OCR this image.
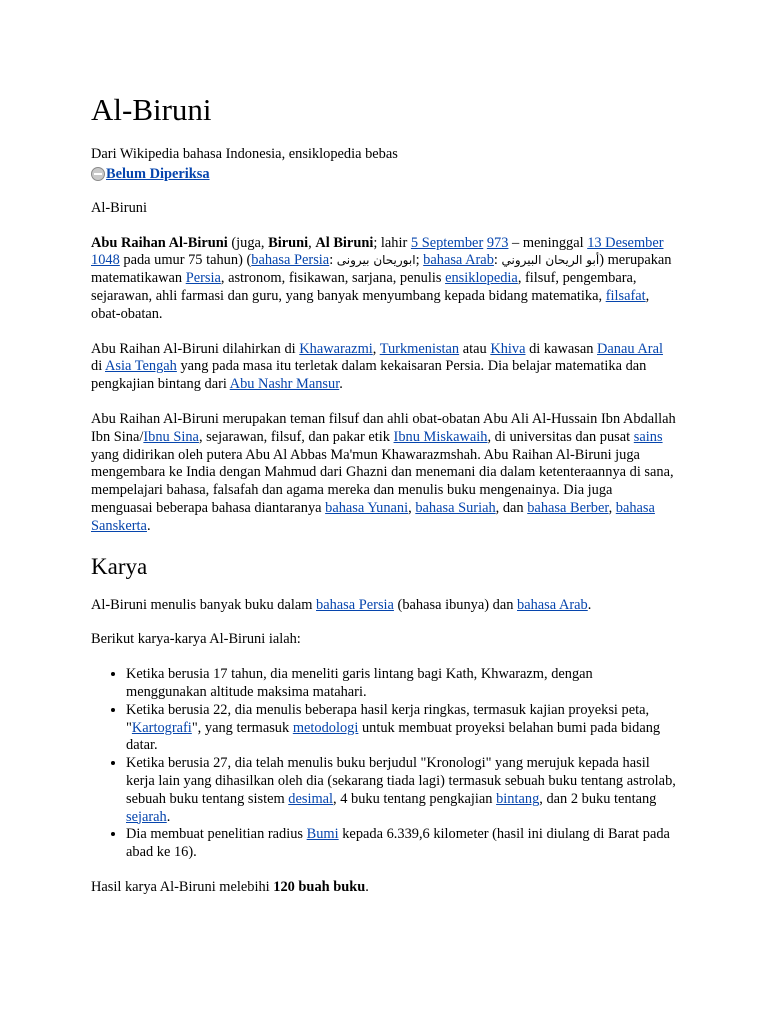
Al-Biruni

Dari Wikipedia bahasa Indonesia, ensiklopedia bebas

Belum Diperiksa

Al-Biruni

Abu Raihan Al-Biruni (juga, Biruni, Al Biruni; lahir 5 September 973 – meninggal 13 Desember 1048 pada umur 75 tahun) (bahasa Persia: ابوریحان بیرونی; bahasa Arab: أبو الريحان البيروني) merupakan matematikawan Persia, astronom, fisikawan, sarjana, penulis ensiklopedia, filsuf, pengembara, sejarawan, ahli farmasi dan guru, yang banyak menyumbang kepada bidang matematika, filsafat, obat-obatan.

Abu Raihan Al-Biruni dilahirkan di Khawarazmi, Turkmenistan atau Khiva di kawasan Danau Aral di Asia Tengah yang pada masa itu terletak dalam kekaisaran Persia. Dia belajar matematika dan pengkajian bintang dari Abu Nashr Mansur.

Abu Raihan Al-Biruni merupakan teman filsuf dan ahli obat-obatan Abu Ali Al-Hussain Ibn Abdallah Ibn Sina/Ibnu Sina, sejarawan, filsuf, dan pakar etik Ibnu Miskawaih, di universitas dan pusat sains yang didirikan oleh putera Abu Al Abbas Ma'mun Khawarazmshah. Abu Raihan Al-Biruni juga mengembara ke India dengan Mahmud dari Ghazni dan menemani dia dalam ketenteraannya di sana, mempelajari bahasa, falsafah dan agama mereka dan menulis buku mengenainya. Dia juga menguasai beberapa bahasa diantaranya bahasa Yunani, bahasa Suriah, dan bahasa Berber, bahasa Sanskerta.

Karya

Al-Biruni menulis banyak buku dalam bahasa Persia (bahasa ibunya) dan bahasa Arab.

Berikut karya-karya Al-Biruni ialah:

• Ketika berusia 17 tahun, dia meneliti garis lintang bagi Kath, Khwarazm, dengan menggunakan altitude maksima matahari.
• Ketika berusia 22, dia menulis beberapa hasil kerja ringkas, termasuk kajian proyeksi peta, "Kartografi", yang termasuk metodologi untuk membuat proyeksi belahan bumi pada bidang datar.
• Ketika berusia 27, dia telah menulis buku berjudul "Kronologi" yang merujuk kepada hasil kerja lain yang dihasilkan oleh dia (sekarang tiada lagi) termasuk sebuah buku tentang astrolab, sebuah buku tentang sistem desimal, 4 buku tentang pengkajian bintang, dan 2 buku tentang sejarah.
• Dia membuat penelitian radius Bumi kepada 6.339,6 kilometer (hasil ini diulang di Barat pada abad ke 16).

Hasil karya Al-Biruni melebihi 120 buah buku.
